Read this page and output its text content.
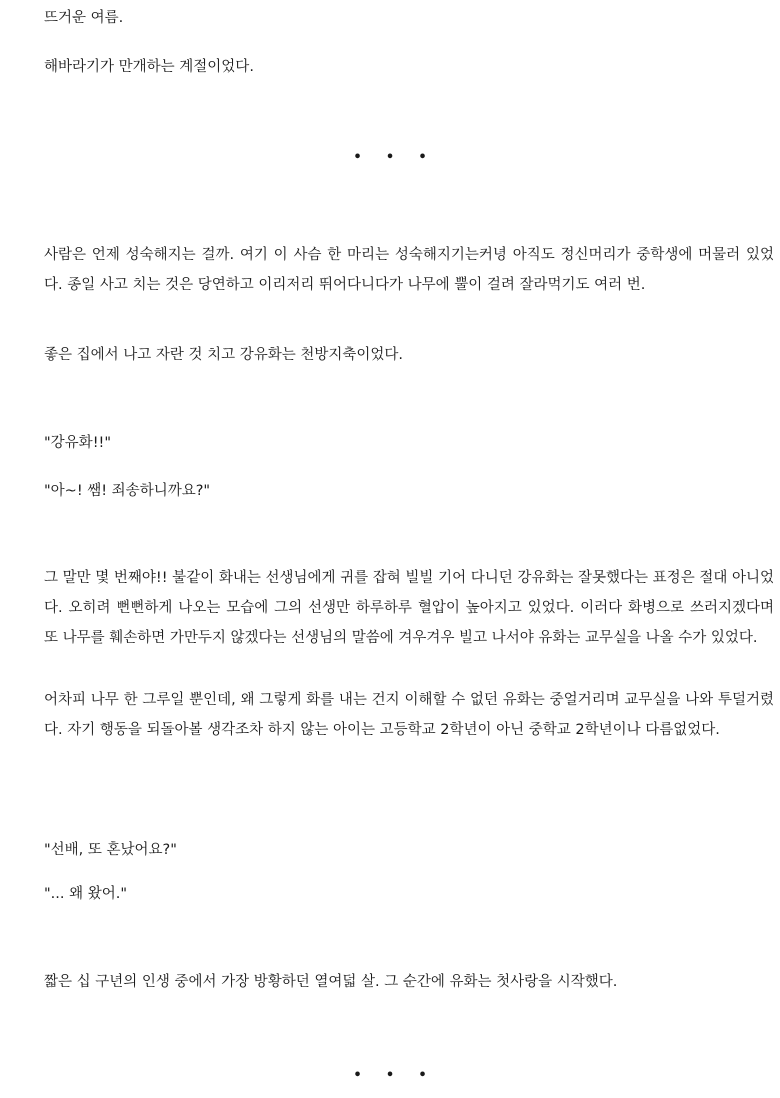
뜨거운 여름.

해바라기가 만개하는 계절이었다.

사람은 언제 성숙해지는 걸까. 여기 이 사슴 한 마리는 성숙해지기는커녕 아직도 정신머리가 중학생에 머물러 있었다. 종일 사고 치는 것은 당연하고 이리저리 뛰어다니다가 나무에 뿔이 걸려 잘라먹기도 여러 번.

좋은 집에서 나고 자란 것 치고 강유화는 천방지축이었다.

"강유화!!"

"아~! 쌤! 죄송하니까요?"

그 말만 몇 번째야!! 불같이 화내는 선생님에게 귀를 잡혀 빌빌 기어 다니던 강유화는 잘못했다는 표정은 절대 아니었다. 오히려 뻔뻔하게 나오는 모습에 그의 선생만 하루하루 혈압이 높아지고 있었다. 이러다 화병으로 쓰러지겠다며 또 나무를 훼손하면 가만두지 않겠다는 선생님의 말씀에 겨우겨우 빌고 나서야 유화는 교무실을 나올 수가 있었다.

어차피 나무 한 그루일 뿐인데, 왜 그렇게 화를 내는 건지 이해할 수 없던 유화는 중얼거리며 교무실을 나와 투덜거렸다. 자기 행동을 되돌아볼 생각조차 하지 않는 아이는 고등학교 2학년이 아닌 중학교 2학년이나 다름없었다.

"선배, 또 혼났어요?"

"... 왜 왔어."

짧은 십 구년의 인생 중에서 가장 방황하던 열여덟 살. 그 순간에 유화는 첫사랑을 시작했다.

• • •
• • •
